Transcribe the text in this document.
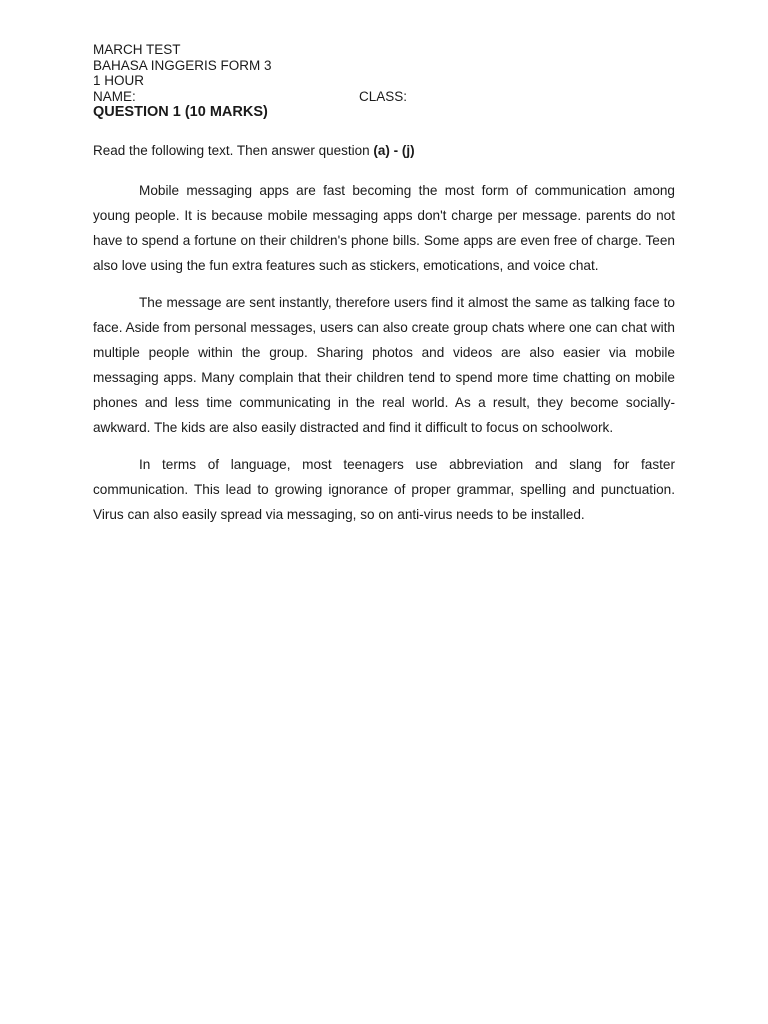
MARCH TEST
BAHASA INGGERIS FORM 3
1 HOUR
NAME:	CLASS:
QUESTION 1 (10 MARKS)
Read the following text. Then answer question (a) - (j)

Mobile messaging apps are fast becoming the most form of communication among young people. It is because mobile messaging apps don't charge per message. parents do not have to spend a fortune on their children's phone bills. Some apps are even free of charge. Teen also love using the fun extra features such as stickers, emotications, and voice chat.

The message are sent instantly, therefore users find it almost the same as talking face to face. Aside from personal messages, users can also create group chats where one can chat with multiple people within the group. Sharing photos and videos are also easier via mobile messaging apps. Many complain that their children tend to spend more time chatting on mobile phones and less time communicating in the real world. As a result, they become socially-awkward. The kids are also easily distracted and find it difficult to focus on schoolwork.

In terms of language, most teenagers use abbreviation and slang for faster communication. This lead to growing ignorance of proper grammar, spelling and punctuation. Virus can also easily spread via messaging, so on anti-virus needs to be installed.
